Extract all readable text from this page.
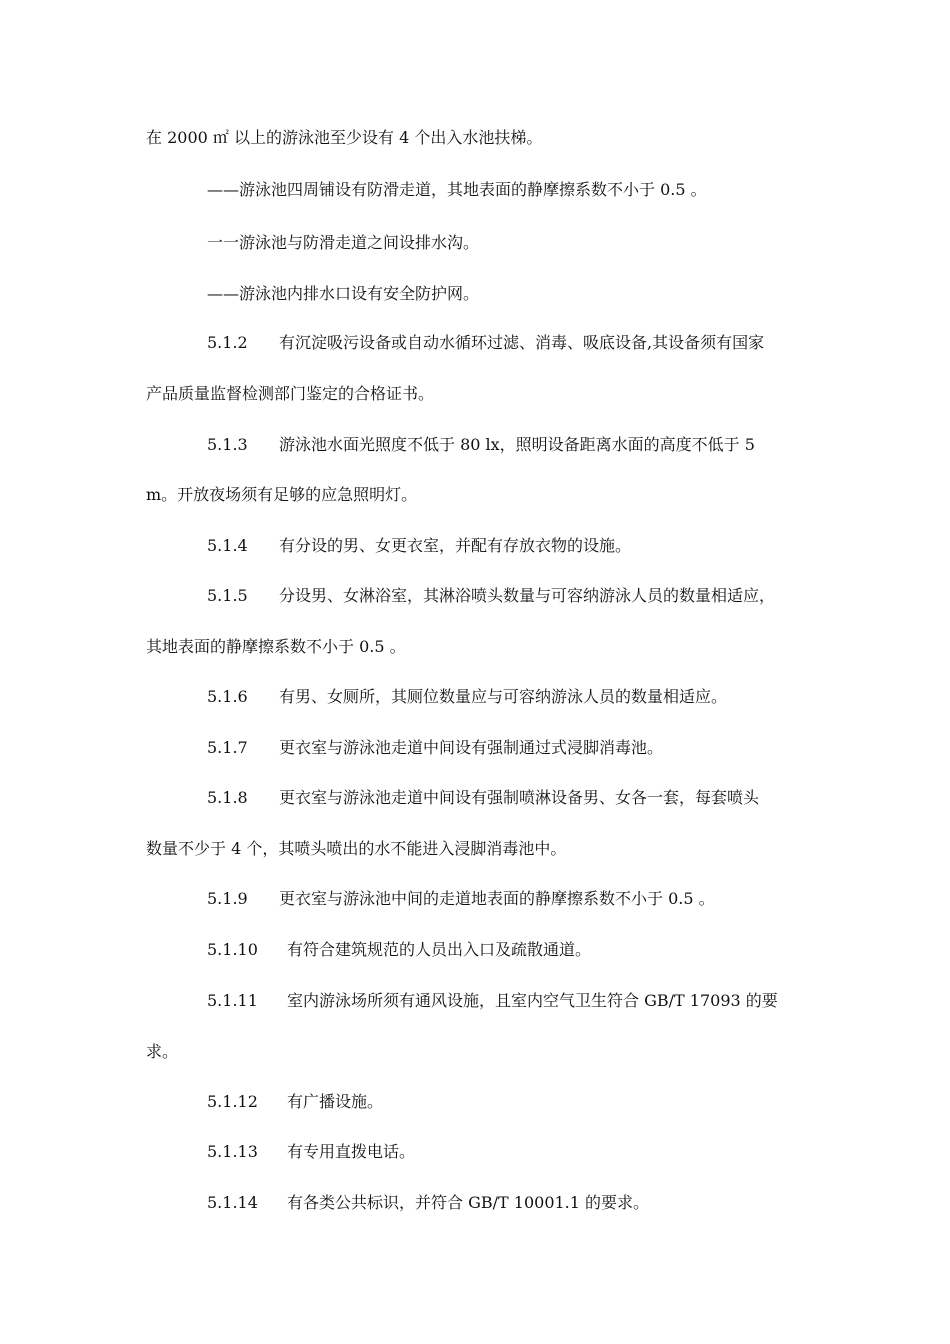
在 2000 ㎡ 以上的游泳池至少设有 4 个出入水池扶梯。
——游泳池四周铺设有防滑走道，其地表面的静摩擦系数不小于 0.5 。
一一游泳池与防滑走道之间设排水沟。
——游泳池内排水口设有安全防护网。
5.1.2 有沉淀吸污设备或自动水循环过滤、消毒、吸底设备,其设备须有国家
产品质量监督检测部门鉴定的合格证书。
5.1.3 游泳池水面光照度不低于 80 lx，照明设备距离水面的高度不低于 5
m。开放夜场须有足够的应急照明灯。
5.1.4 有分设的男、女更衣室，并配有存放衣物的设施。
5.1.5 分设男、女淋浴室，其淋浴喷头数量与可容纳游泳人员的数量相适应，
其地表面的静摩擦系数不小于 0.5 。
5.1.6 有男、女厕所，其厕位数量应与可容纳游泳人员的数量相适应。
5.1.7 更衣室与游泳池走道中间设有强制通过式浸脚消毒池。
5.1.8 更衣室与游泳池走道中间设有强制喷淋设备男、女各一套，每套喷头
数量不少于 4 个，其喷头喷出的水不能进入浸脚消毒池中。
5.1.9 更衣室与游泳池中间的走道地表面的静摩擦系数不小于 0.5 。
5.1.10 有符合建筑规范的人员出入口及疏散通道。
5.1.11 室内游泳场所须有通风设施，且室内空气卫生符合 GB/T 17093 的要
求。
5.1.12 有广播设施。
5.1.13 有专用直拨电话。
5.1.14 有各类公共标识，并符合 GB/T 10001.1 的要求。
